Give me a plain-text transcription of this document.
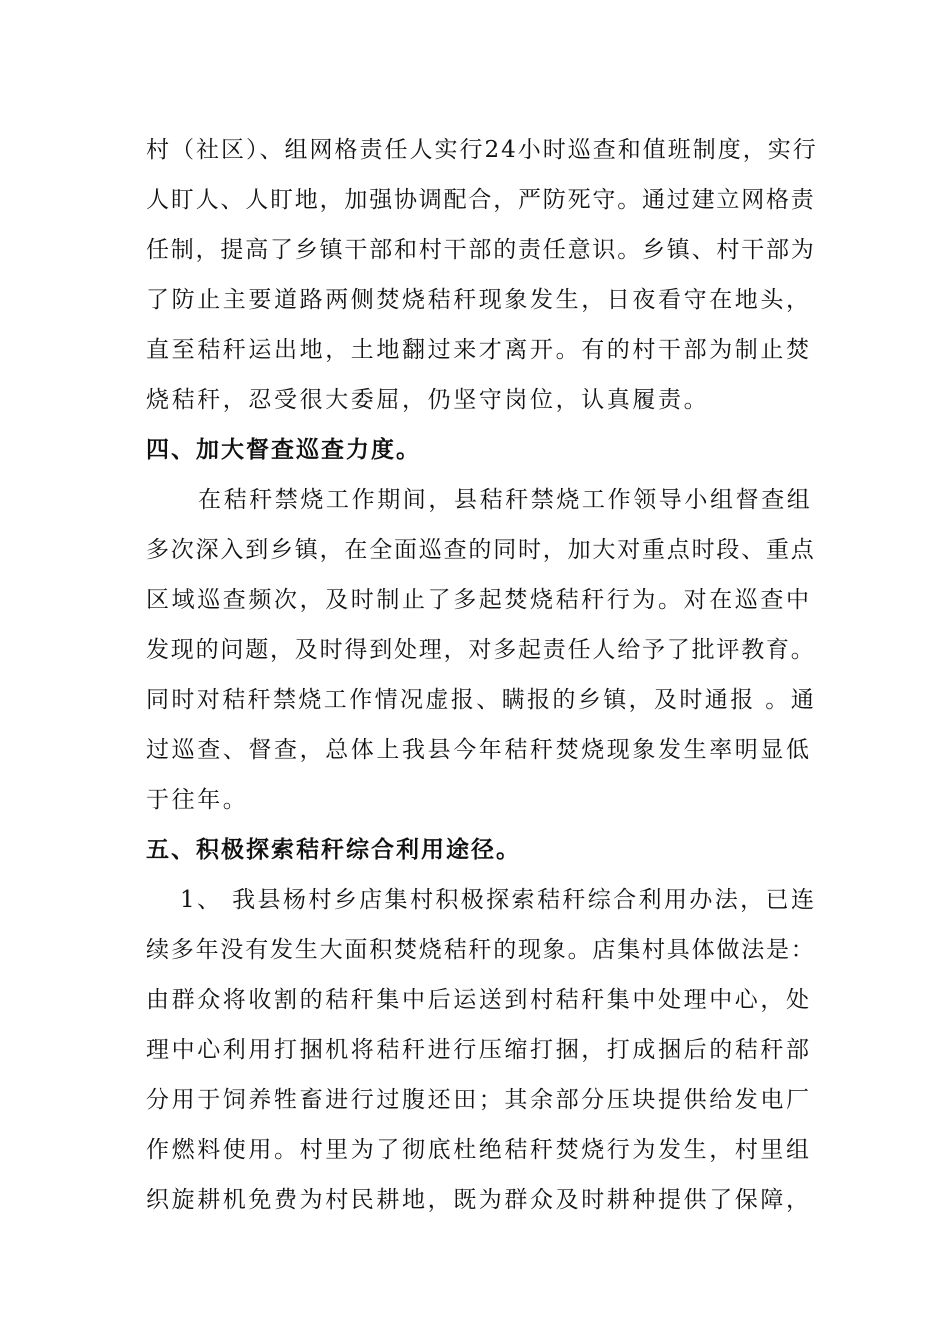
村（社区）、组网格责任人实行24小时巡查和值班制度，实行
人盯人、人盯地，加强协调配合，严防死守。通过建立网格责
任制，提高了乡镇干部和村干部的责任意识。乡镇、村干部为
了防止主要道路两侧焚烧秸秆现象发生，日夜看守在地头，
直至秸秆运出地，土地翻过来才离开。有的村干部为制止焚
烧秸秆，忍受很大委屈，仍坚守岗位，认真履责。
四、加大督查巡查力度。
在秸秆禁烧工作期间，县秸秆禁烧工作领导小组督查组
多次深入到乡镇，在全面巡查的同时，加大对重点时段、重点
区域巡查频次，及时制止了多起焚烧秸秆行为。对在巡查中
发现的问题，及时得到处理，对多起责任人给予了批评教育。
同时对秸秆禁烧工作情况虚报、瞒报的乡镇，及时通报 。通
过巡查、督查，总体上我县今年秸秆焚烧现象发生率明显低
于往年。
五、积极探索秸秆综合利用途径。
1、 我县杨村乡店集村积极探索秸秆综合利用办法，已连
续多年没有发生大面积焚烧秸秆的现象。店集村具体做法是：
由群众将收割的秸秆集中后运送到村秸秆集中处理中心，处
理中心利用打捆机将秸秆进行压缩打捆，打成捆后的秸秆部
分用于饲养牲畜进行过腹还田；其余部分压块提供给发电厂
作燃料使用。村里为了彻底杜绝秸秆焚烧行为发生，村里组
织旋耕机免费为村民耕地，既为群众及时耕种提供了保障，
